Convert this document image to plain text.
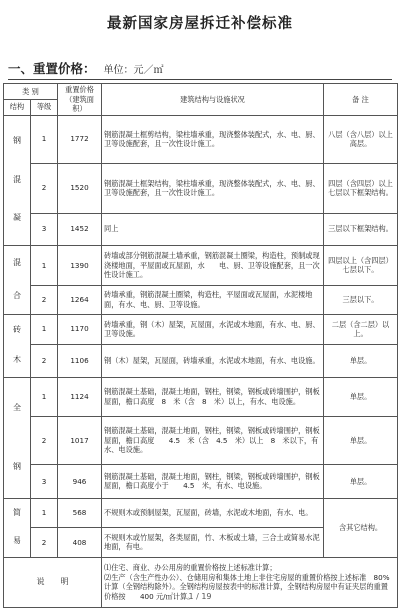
最新国家房屋拆迁补偿标准
一、重置价格： 单位：元／㎡
类 别		重置价格（建筑面积）	建筑结构与设施状况	备 注
结构	等级			

钢
混
凝	1	1772	钢筋混凝土框剪结构，梁柱墙承重，现浇整体装配式，水、电、厨、卫等设施配套，且一次性设计施工。	八层（含八层）以上高层。
	2	1520	钢筋混凝土框架结构，梁柱墙承重，现浇整体装配式，水、电、厨、卫等设施配套，且一次性设计施工。	四层（含四层）以上七层以下框架结构。
	3	1452	同上	三层以下框架结构。

混
合	1	1390	砖墙或部分钢筋混凝土墙承重，钢筋混凝土圈梁，构造柱，预制或现浇楼地面，平屋面或瓦屋面，水　　电、厨、卫等设施配套，且一次性设计施工。	四层以上（含四层）七层以下。
	2	1264	砖墙承重，钢筋混凝土圈梁，构造柱，平屋面或瓦屋面，水泥楼地面，有水、电、厨、卫等设施。	三层以下。

砖
木	1	1170	砖墙承重，钢（木）屋架，瓦屋面，水泥或木地面，有水、电、厨、卫等设施。	二层（含二层）以上。
	2	1106	钢（木）屋架，瓦屋面，砖墙承重，水泥或木地面，有水、电设施。	单层。

全
钢	1	1124	钢筋混凝土基础，混凝土地面，钢柱，钢梁，钢板或砖墙围护，钢板屋面，檐口高度　8　米（含　8　米）以上，有水、电设施。	单层。
	2	1017	钢筋混凝土基础，混凝土地面，钢柱，钢梁，钢板或砖墙围护，钢板屋面，檐口高度　　4.5　米（含　4.5　米）以上　8　米以下，有水、电设施。	单层。
	3	946	钢筋混凝土基础，混凝土地面，钢柱，钢梁，钢板或砖墙围护，钢板屋面，檐口高度小于　　4.5　米，有水、电设施。	单层。

简
易	1	568	不规则木或预制屋架，瓦屋面，砖墙，水泥或木地面，有水、电。	含其它结构。
	2	408	不规则木或竹屋架，各类屋面，竹、木板或土墙，三合土或简易水泥地面，有电。	
说　　明			⑴住宅、商业、办公用房的重置价格按上述标准计算；
⑵生产（含生产性办公）、仓储用房和集体土地上非住宅房屋的重置价格按上述标准　80%计算（全钢结构除外）。全钢结构房屋按表中的标准计算，全钢结构房屋中有证夹层的重置价格按　　400 元/㎡计算。	
1 / 19
